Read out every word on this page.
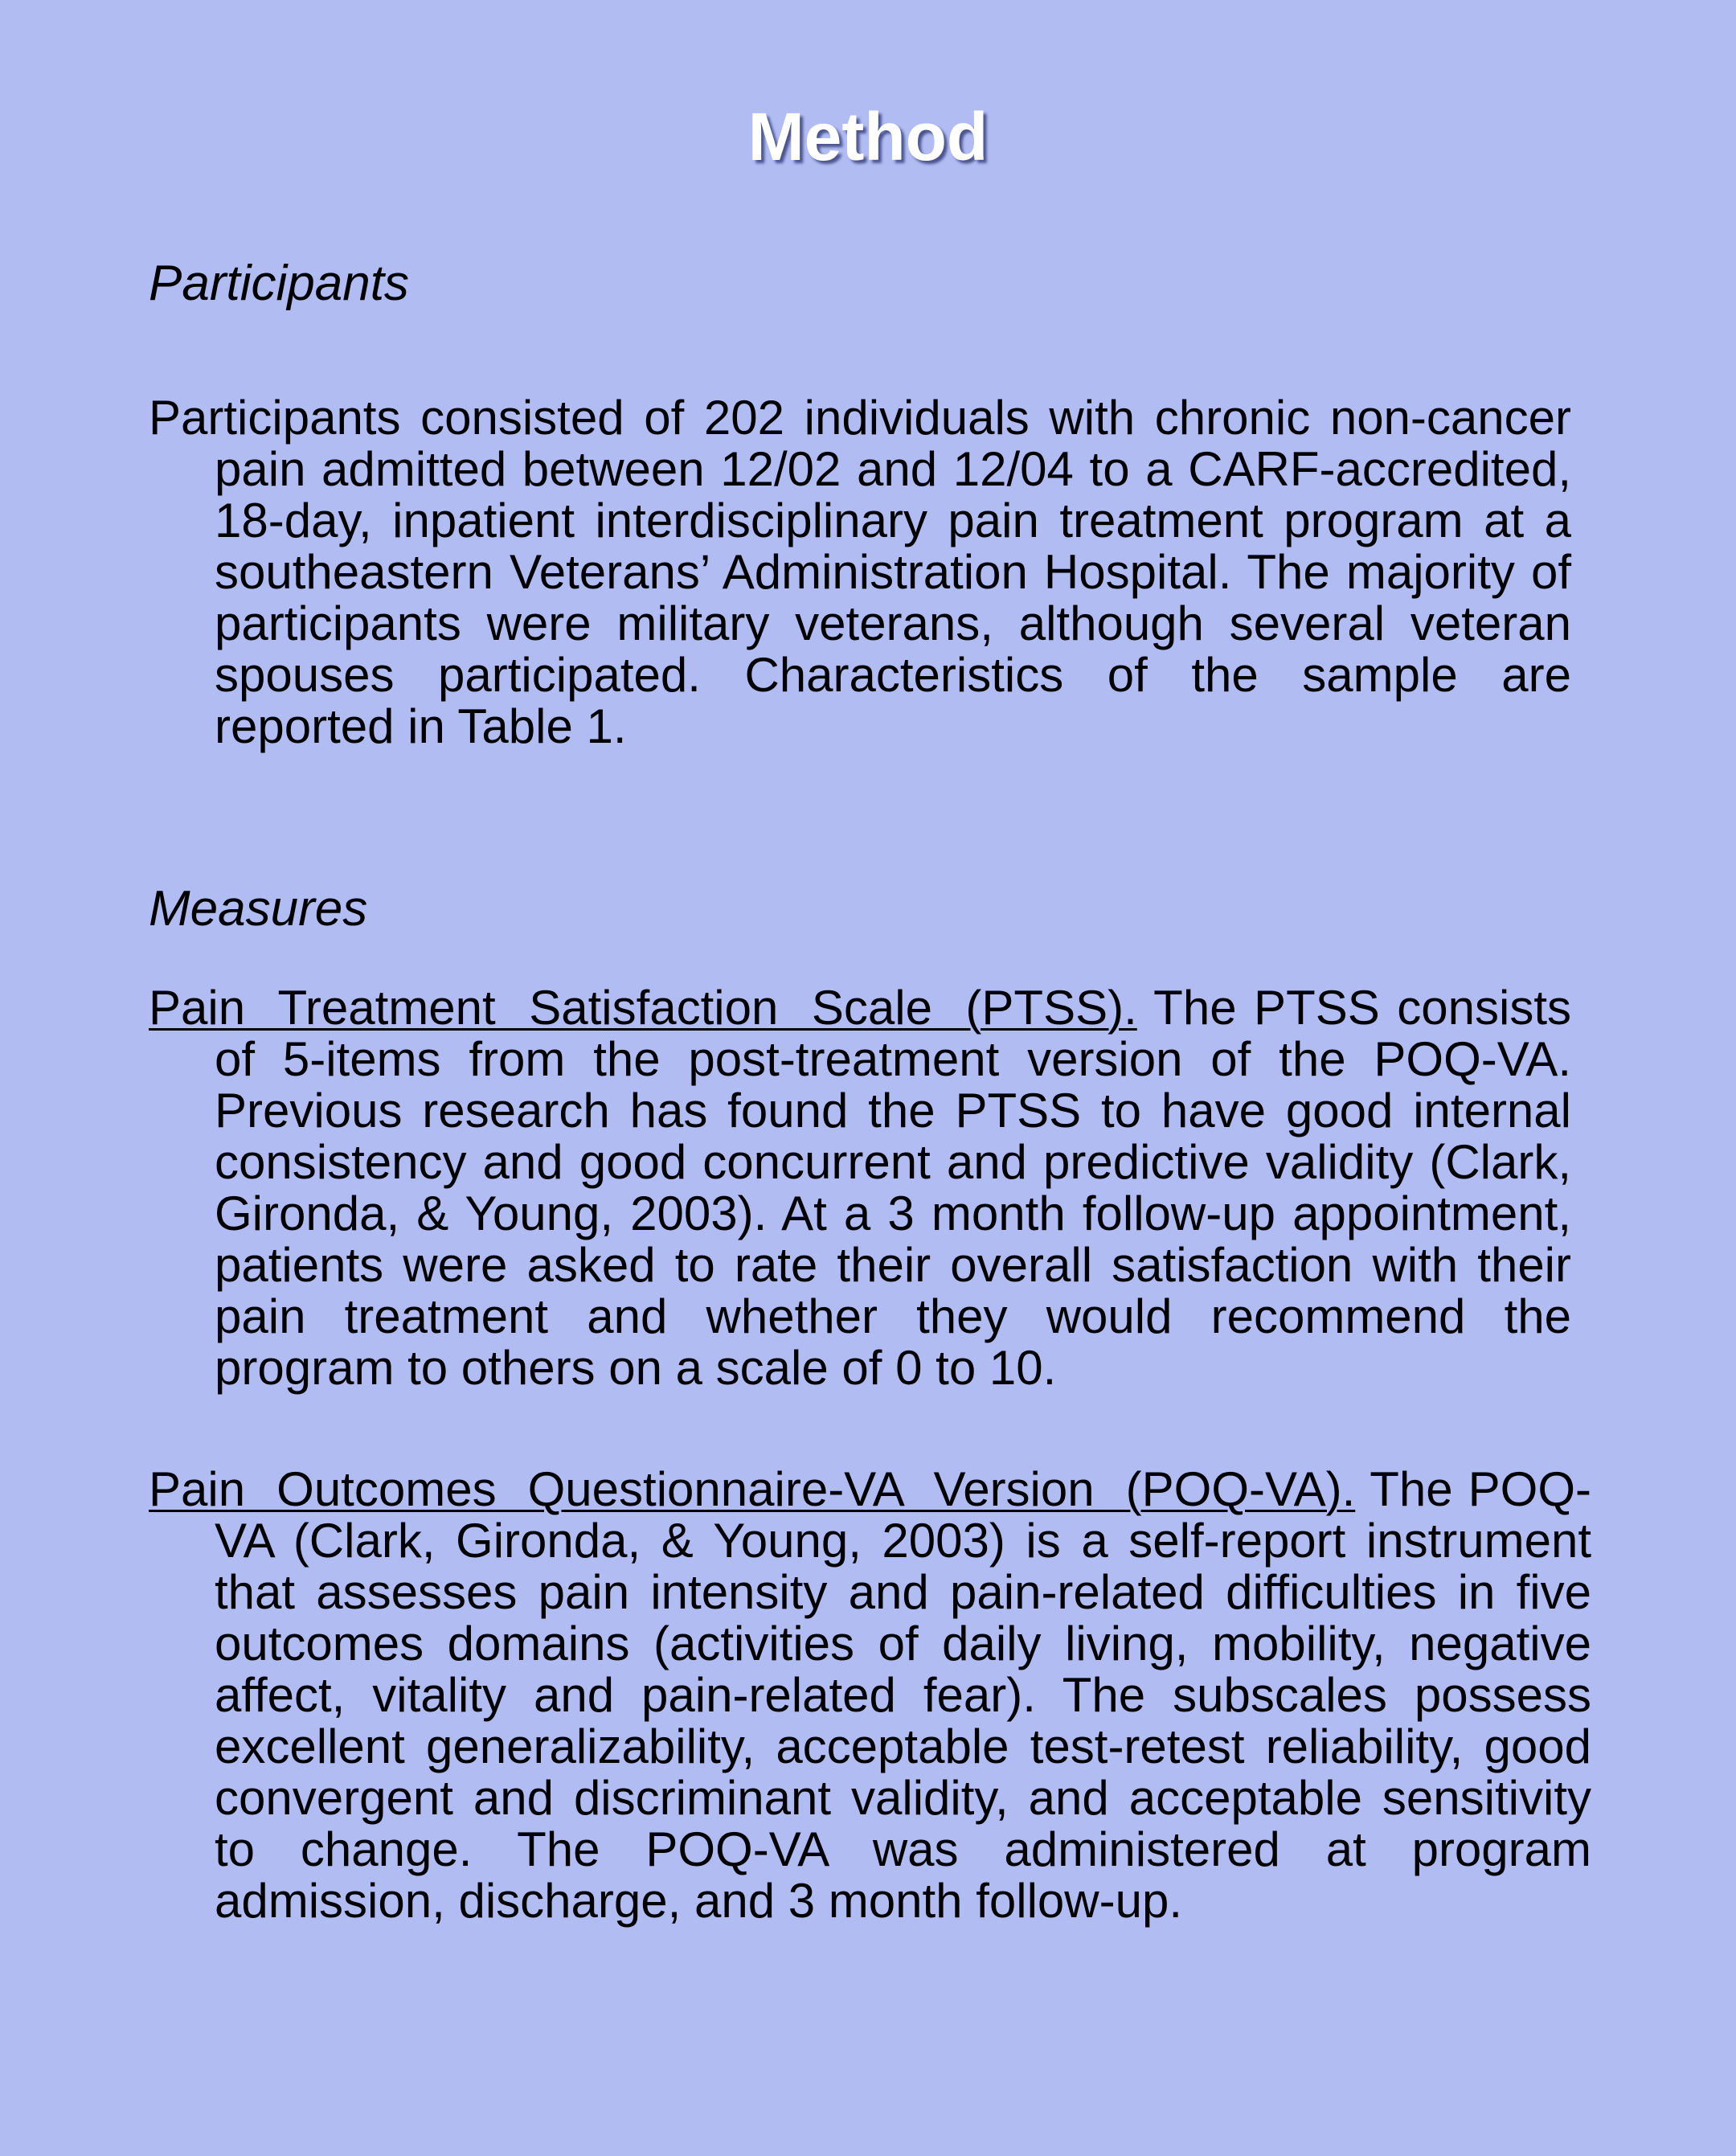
Method
Participants

Participants consisted of 202 individuals with chronic non-cancer pain admitted between 12/02 and 12/04 to a CARF-accredited, 18-day, inpatient interdisciplinary pain treatment program at a southeastern Veterans’ Administration Hospital. The majority of participants were military veterans, although several veteran spouses participated. Characteristics of the sample are reported in Table 1.

Measures

Pain Treatment Satisfaction Scale (PTSS). The PTSS consists of 5-items from the post-treatment version of the POQ-VA. Previous research has found the PTSS to have good internal consistency and good concurrent and predictive validity (Clark, Gironda, & Young, 2003). At a 3 month follow-up appointment, patients were asked to rate their overall satisfaction with their pain treatment and whether they would recommend the program to others on a scale of 0 to 10.

Pain Outcomes Questionnaire-VA Version (POQ-VA). The POQ-VA (Clark, Gironda, & Young, 2003) is a self-report instrument that assesses pain intensity and pain-related difficulties in five outcomes domains (activities of daily living, mobility, negative affect, vitality and pain-related fear). The subscales possess excellent generalizability, acceptable test-retest reliability, good convergent and discriminant validity, and acceptable sensitivity to change. The POQ-VA was administered at program admission, discharge, and 3 month follow-up.
